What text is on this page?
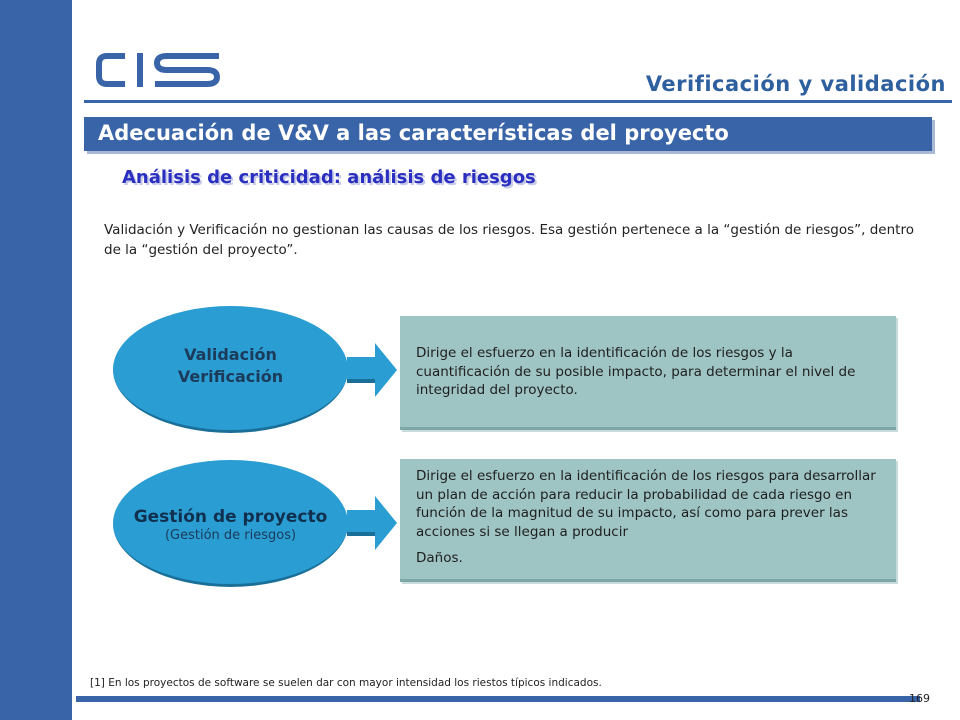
CIS
Verificación y validación
Adecuación de V&V a las características del proyecto
Análisis de criticidad: análisis de riesgos
Validación y Verificación no gestionan las causas de los riesgos. Esa gestión pertenece a la “gestión de riesgos”, dentro de la “gestión del proyecto”.
Validación
Verificación

Dirige el esfuerzo en la identificación de los riesgos y la cuantificación de su posible impacto, para determinar el nivel de integridad del proyecto.

Gestión de proyecto
(Gestión de riesgos)

Dirige el esfuerzo en la identificación de los riesgos para desarrollar un plan de acción para reducir la probabilidad de cada riesgo en función de la magnitud de su impacto, así como para prever las acciones si se llegan a producir

Daños.

[1] En los proyectos de software se suelen dar con mayor intensidad los riestos típicos indicados.
169
